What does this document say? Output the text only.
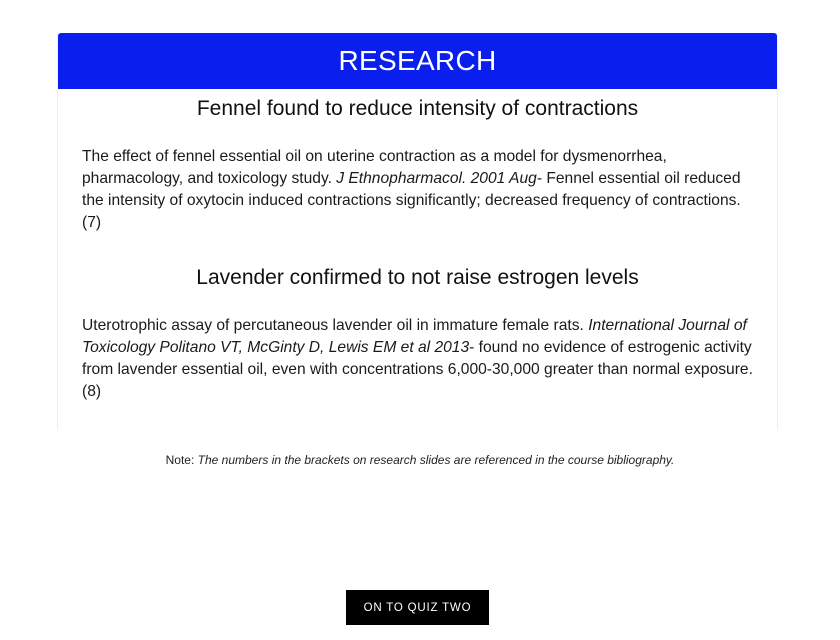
RESEARCH
Fennel found to reduce intensity of contractions

The effect of fennel essential oil on uterine contraction as a model for dysmenorrhea, pharmacology, and toxicology study. J Ethnopharmacol. 2001 Aug- Fennel essential oil reduced the intensity of oxytocin induced contractions significantly; decreased frequency of contractions. (7)

Lavender confirmed to not raise estrogen levels

Uterotrophic assay of percutaneous lavender oil in immature female rats. International Journal of Toxicology Politano VT, McGinty D, Lewis EM et al 2013- found no evidence of estrogenic activity from lavender essential oil, even with concentrations 6,000-30,000 greater than normal exposure. (8)

Note: The numbers in the brackets on research slides are referenced in the course bibliography.
ON TO QUIZ TWO
